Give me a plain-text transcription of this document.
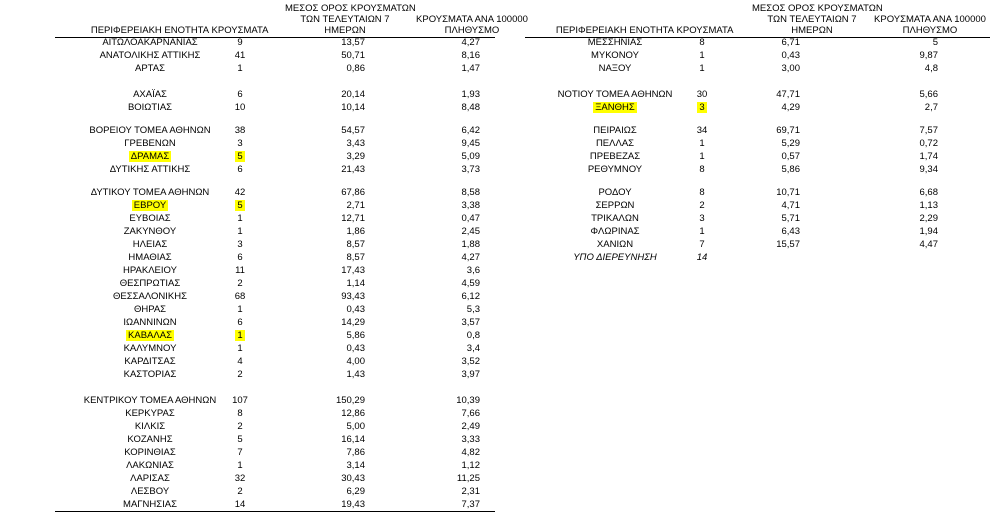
ΠΕΡΙΦΕΡΕΙΑΚΗ ΕΝΟΤΗΤΑ ΚΡΟΥΣΜΑΤΑ
ΜΕΣΟΣ ΟΡΟΣ ΚΡΟΥΣΜΑΤΩΝ
ΤΩΝ ΤΕΛΕΥΤΑΙΩΝ 7
ΗΜΕΡΩΝ
ΚΡΟΥΣΜΑΤΑ ΑΝΑ 100000
ΠΛΗΘΥΣΜΟ	ΠΕΡΙΦΕΡΕΙΑΚΗ ΕΝΟΤΗΤΑ ΚΡΟΥΣΜΑΤΑ
ΜΕΣΟΣ ΟΡΟΣ ΚΡΟΥΣΜΑΤΩΝ
ΤΩΝ ΤΕΛΕΥΤΑΙΩΝ 7
ΗΜΕΡΩΝ
ΚΡΟΥΣΜΑΤΑ ΑΝΑ 100000
ΠΛΗΘΥΣΜΟ
ΑΙΤΩΛΟΑΚΑΡΝΑΝΙΑΣ	9	13,57	4,27
ΑΝΑΤΟΛΙΚΗΣ ΑΤΤΙΚΗΣ	41	50,71	8,16
ΑΡΤΑΣ	1	0,86	1,47
ΑΧΑΪΑΣ	6	20,14	1,93
ΒΟΙΩΤΙΑΣ	10	10,14	8,48
ΒΟΡΕΙΟΥ ΤΟΜΕΑ ΑΘΗΝΩΝ	38	54,57	6,42
ΓΡΕΒΕΝΩΝ	3	3,43	9,45
ΔΡΑΜΑΣ	5	3,29	5,09
ΔΥΤΙΚΗΣ ΑΤΤΙΚΗΣ	6	21,43	3,73
ΔΥΤΙΚΟΥ ΤΟΜΕΑ ΑΘΗΝΩΝ	42	67,86	8,58
ΕΒΡΟΥ	5	2,71	3,38
ΕΥΒΟΙΑΣ	1	12,71	0,47
ΖΑΚΥΝΘΟΥ	1	1,86	2,45
ΗΛΕΙΑΣ	3	8,57	1,88
ΗΜΑΘΙΑΣ	6	8,57	4,27
ΗΡΑΚΛΕΙΟΥ	11	17,43	3,6
ΘΕΣΠΡΩΤΙΑΣ	2	1,14	4,59
ΘΕΣΣΑΛΟΝΙΚΗΣ	68	93,43	6,12
ΘΗΡΑΣ	1	0,43	5,3
ΙΩΑΝΝΙΝΩΝ	6	14,29	3,57
ΚΑΒΑΛΑΣ	1	5,86	0,8
ΚΑΛΥΜΝΟΥ	1	0,43	3,4
ΚΑΡΔΙΤΣΑΣ	4	4,00	3,52
ΚΑΣΤΟΡΙΑΣ	2	1,43	3,97
ΚΕΝΤΡΙΚΟΥ ΤΟΜΕΑ ΑΘΗΝΩΝ	107	150,29	10,39
ΚΕΡΚΥΡΑΣ	8	12,86	7,66
ΚΙΛΚΙΣ	2	5,00	2,49
ΚΟΖΑΝΗΣ	5	16,14	3,33
ΚΟΡΙΝΘΙΑΣ	7	7,86	4,82
ΛΑΚΩΝΙΑΣ	1	3,14	1,12
ΛΑΡΙΣΑΣ	32	30,43	11,25
ΛΕΣΒΟΥ	2	6,29	2,31
ΜΑΓΝΗΣΙΑΣ	14	19,43	7,37
ΜΕΣΣΗΝΙΑΣ	8	6,71	5
ΜΥΚΟΝΟΥ	1	0,43	9,87
ΝΑΞΟΥ	1	3,00	4,8
ΝΟΤΙΟΥ ΤΟΜΕΑ ΑΘΗΝΩΝ	30	47,71	5,66
ΞΑΝΘΗΣ	3	4,29	2,7
ΠΕΙΡΑΙΩΣ	34	69,71	7,57
ΠΕΛΛΑΣ	1	5,29	0,72
ΠΡΕΒΕΖΑΣ	1	0,57	1,74
ΡΕΘΥΜΝΟΥ	8	5,86	9,34
ΡΟΔΟΥ	8	10,71	6,68
ΣΕΡΡΩΝ	2	4,71	1,13
ΤΡΙΚΑΛΩΝ	3	5,71	2,29
ΦΛΩΡΙΝΑΣ	1	6,43	1,94
ΧΑΝΙΩΝ	7	15,57	4,47
ΥΠΟ ΔΙΕΡΕΥΝΗΣΗ	14
